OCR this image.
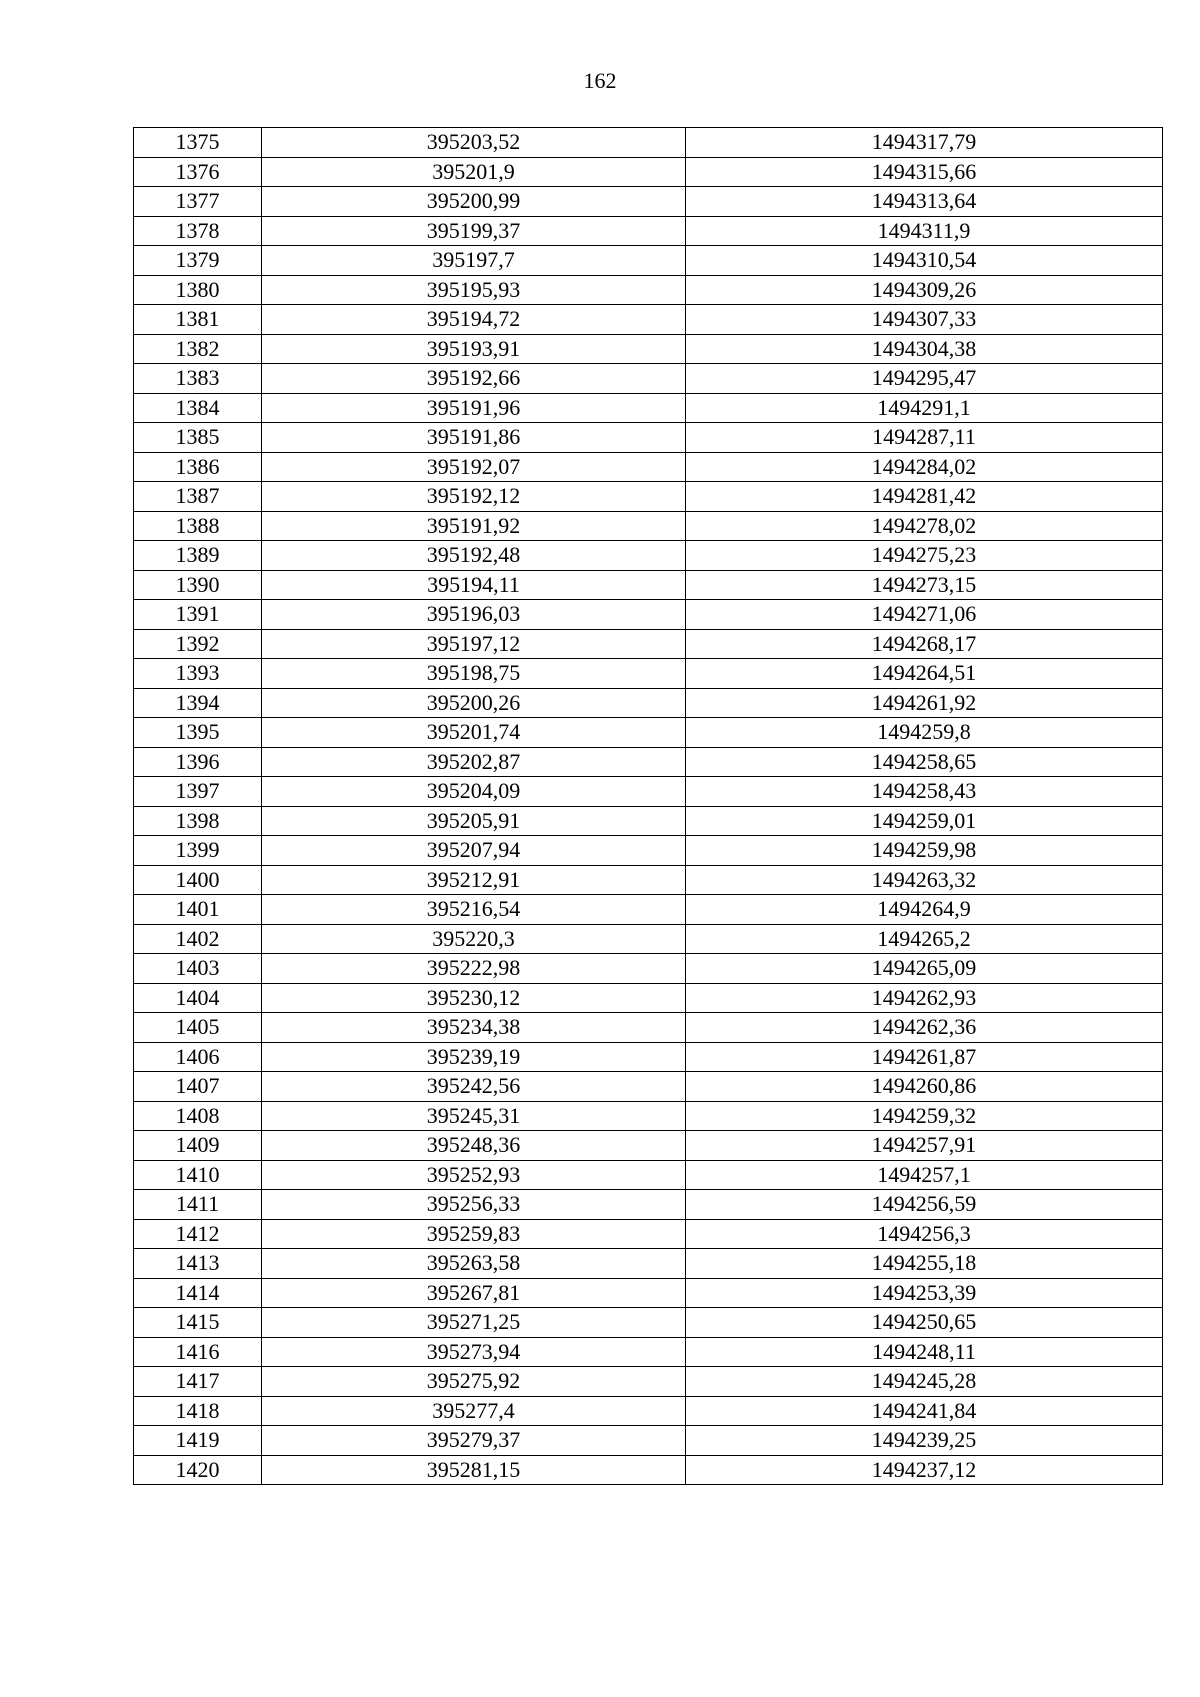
162
1375	395203,52	1494317,79
1376	395201,9	1494315,66
1377	395200,99	1494313,64
1378	395199,37	1494311,9
1379	395197,7	1494310,54
1380	395195,93	1494309,26
1381	395194,72	1494307,33
1382	395193,91	1494304,38
1383	395192,66	1494295,47
1384	395191,96	1494291,1
1385	395191,86	1494287,11
1386	395192,07	1494284,02
1387	395192,12	1494281,42
1388	395191,92	1494278,02
1389	395192,48	1494275,23
1390	395194,11	1494273,15
1391	395196,03	1494271,06
1392	395197,12	1494268,17
1393	395198,75	1494264,51
1394	395200,26	1494261,92
1395	395201,74	1494259,8
1396	395202,87	1494258,65
1397	395204,09	1494258,43
1398	395205,91	1494259,01
1399	395207,94	1494259,98
1400	395212,91	1494263,32
1401	395216,54	1494264,9
1402	395220,3	1494265,2
1403	395222,98	1494265,09
1404	395230,12	1494262,93
1405	395234,38	1494262,36
1406	395239,19	1494261,87
1407	395242,56	1494260,86
1408	395245,31	1494259,32
1409	395248,36	1494257,91
1410	395252,93	1494257,1
1411	395256,33	1494256,59
1412	395259,83	1494256,3
1413	395263,58	1494255,18
1414	395267,81	1494253,39
1415	395271,25	1494250,65
1416	395273,94	1494248,11
1417	395275,92	1494245,28
1418	395277,4	1494241,84
1419	395279,37	1494239,25
1420	395281,15	1494237,12
